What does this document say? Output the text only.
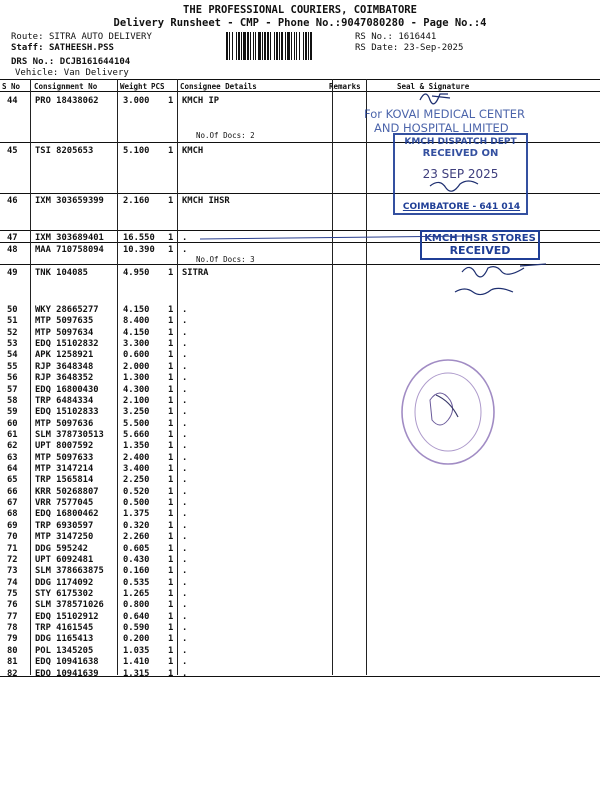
THE PROFESSIONAL COURIERS, COIMBATORE
Delivery Runsheet - CMP - Phone No.:9047080280 - Page No.:4
Route: SITRA AUTO DELIVERY
Staff: SATHEESH.PSS
DRS No.: DCJB161644104
Vehicle: Van Delivery
RS No.: 1616441
RS Date: 23-Sep-2025
S No Consignment No	Weight PCS Consignee Details	Remarks	Seal & Signature
44 PRO 18438062	3.000 1 KMCH IP
No.Of Docs: 2
45 TSI 8205653	5.100 1 KMCH
46 IXM 303659399 2.160 1 KMCH IHSR
47 IXM 303689401 16.550 1 .
48 MAA 710758094 10.390 1 .
No.Of Docs: 3
49 TNK 104085	4.950 1 SITRA
50 WKY 28665277	4.150 1 .
51 MTP 5097635	8.400 1 .
52 MTP 5097634	4.150 1 .
53 EDQ 15102832	3.300 1 .
54 APK 1258921	0.600 1 .
55 RJP 3648348	2.000 1 .
56 RJP 3648352	1.300 1 .
57 EDQ 16800430	4.300 1 .
58 TRP 6484334	2.100 1 .
59 EDQ 15102833	3.250 1 .
60 MTP 5097636	5.500 1 .
61 SLM 378730513 5.660 1 .
62 UPT 8007592	1.350 1 .
63 MTP 5097633	2.400 1 .
64 MTP 3147214	3.400 1 .
65 TRP 1565814	2.250 1 .
66 KRR 50268807	0.520 1 .
67 VRR 7577045	0.500 1 .
68 EDQ 16800462	1.375 1 .
69 TRP 6930597	0.320 1 .
70 MTP 3147250	2.260 1 .
71 DDG 595242	0.605 1 .
72 UPT 6092481	0.430 1 .
73 SLM 378663875 0.160 1 .
74 DDG 1174092	0.535 1 .
75 STY 6175302	1.265 1 .
76 SLM 378571026 0.800 1 .
77 EDQ 15102912	0.640 1 .
78 TRP 4161545	0.590 1 .
79 DDG 1165413	0.200 1 .
80 POL 1345205	1.035 1 .
81 EDQ 10941638	1.410 1 .
82 EDQ 10941639	1.315 1 .
For KOVAI MEDICAL CENTER
AND HOSPITAL LIMITED
KMCH DISPATCH DEPT
RECEIVED ON
23 SEP 2025
COIMBATORE - 641 014
KMCH IHSR STORES
RECEIVED
